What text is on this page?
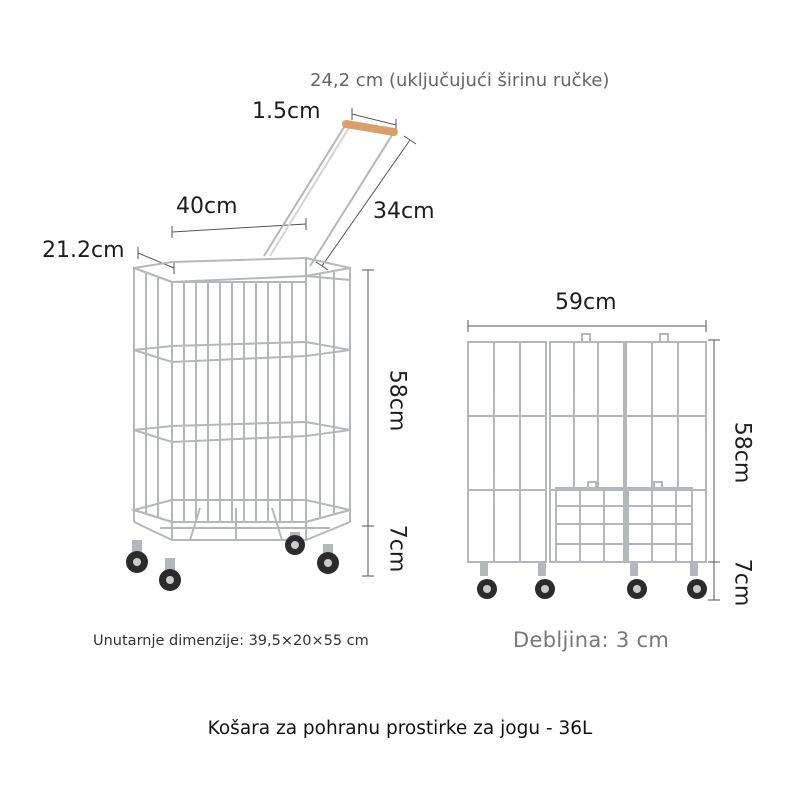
24,2 cm (uključujući širinu ručke)
1.5cm
40cm	34cm
21.2cm
59cm
58cm
7cm
58cm
7cm
Unutarnje dimenzije: 39,5×20×55 cm	Debljina: 3 cm
Košara za pohranu prostirke za jogu - 36L
